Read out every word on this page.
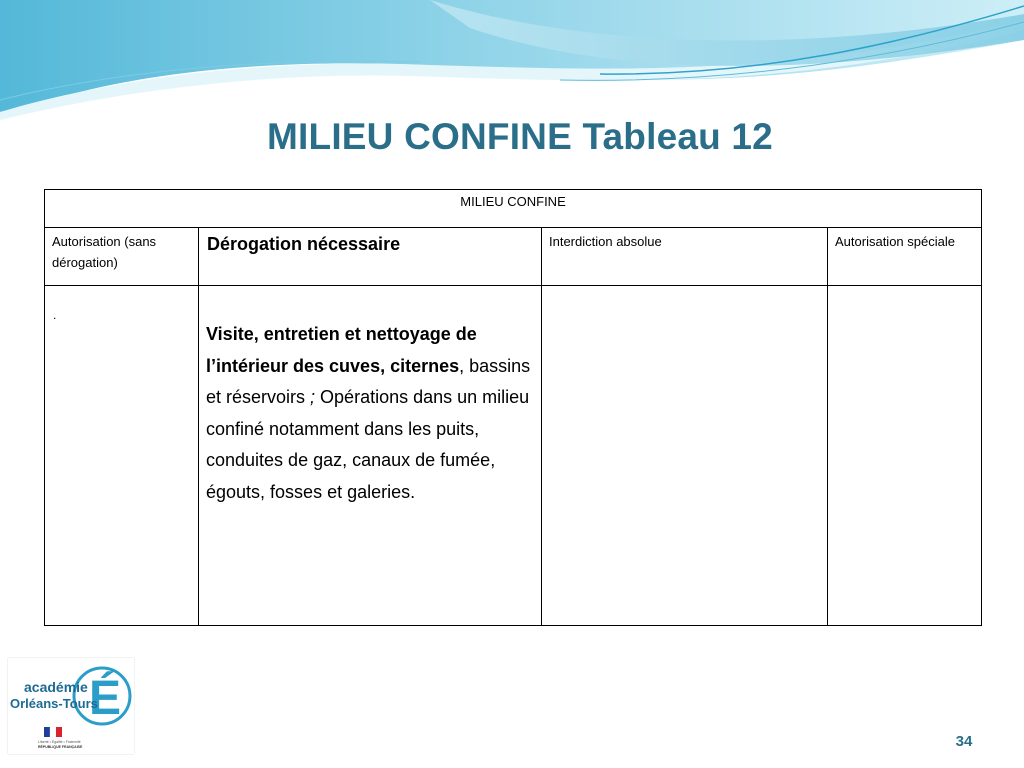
MILIEU CONFINE Tableau 12
MILIEU CONFINE			
Autorisation (sans dérogation)	Dérogation nécessaire	Interdiction absolue	Autorisation spéciale
.	Visite, entretien et nettoyage de l’intérieur des cuves, citernes, bassins et réservoirs ; Opérations dans un milieu confiné notamment dans les puits, conduites de gaz, canaux de fumée, égouts, fosses et galeries.		
ˊ
É
académie
Orléans-Tours
Liberté • Égalité • Fraternité
RÉPUBLIQUE FRANÇAISE	34
